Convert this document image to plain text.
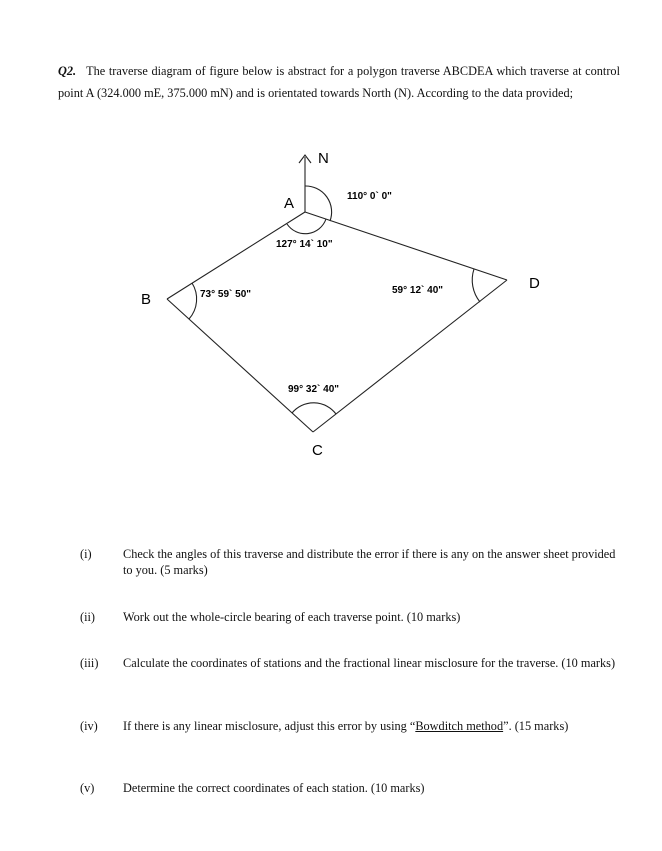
Q2. The traverse diagram of figure below is abstract for a polygon traverse ABCDEA which traverse at control point A (324.000 mE, 375.000 mN) and is orientated towards North (N). According to the data provided;
N
A
B
C
D
110° 0` 0"
127° 14` 10"
73° 59` 50"
99° 32` 40"
59° 12` 40"
(i)	Check the angles of this traverse and distribute the error if there is any on the answer sheet provided to you. (5 marks)
(ii)	Work out the whole-circle bearing of each traverse point. (10 marks)
(iii)	Calculate the coordinates of stations and the fractional linear misclosure for the traverse. (10 marks)
(iv)	If there is any linear misclosure, adjust this error by using “Bowditch method”. (15 marks)
(v)	Determine the correct coordinates of each station. (10 marks)
